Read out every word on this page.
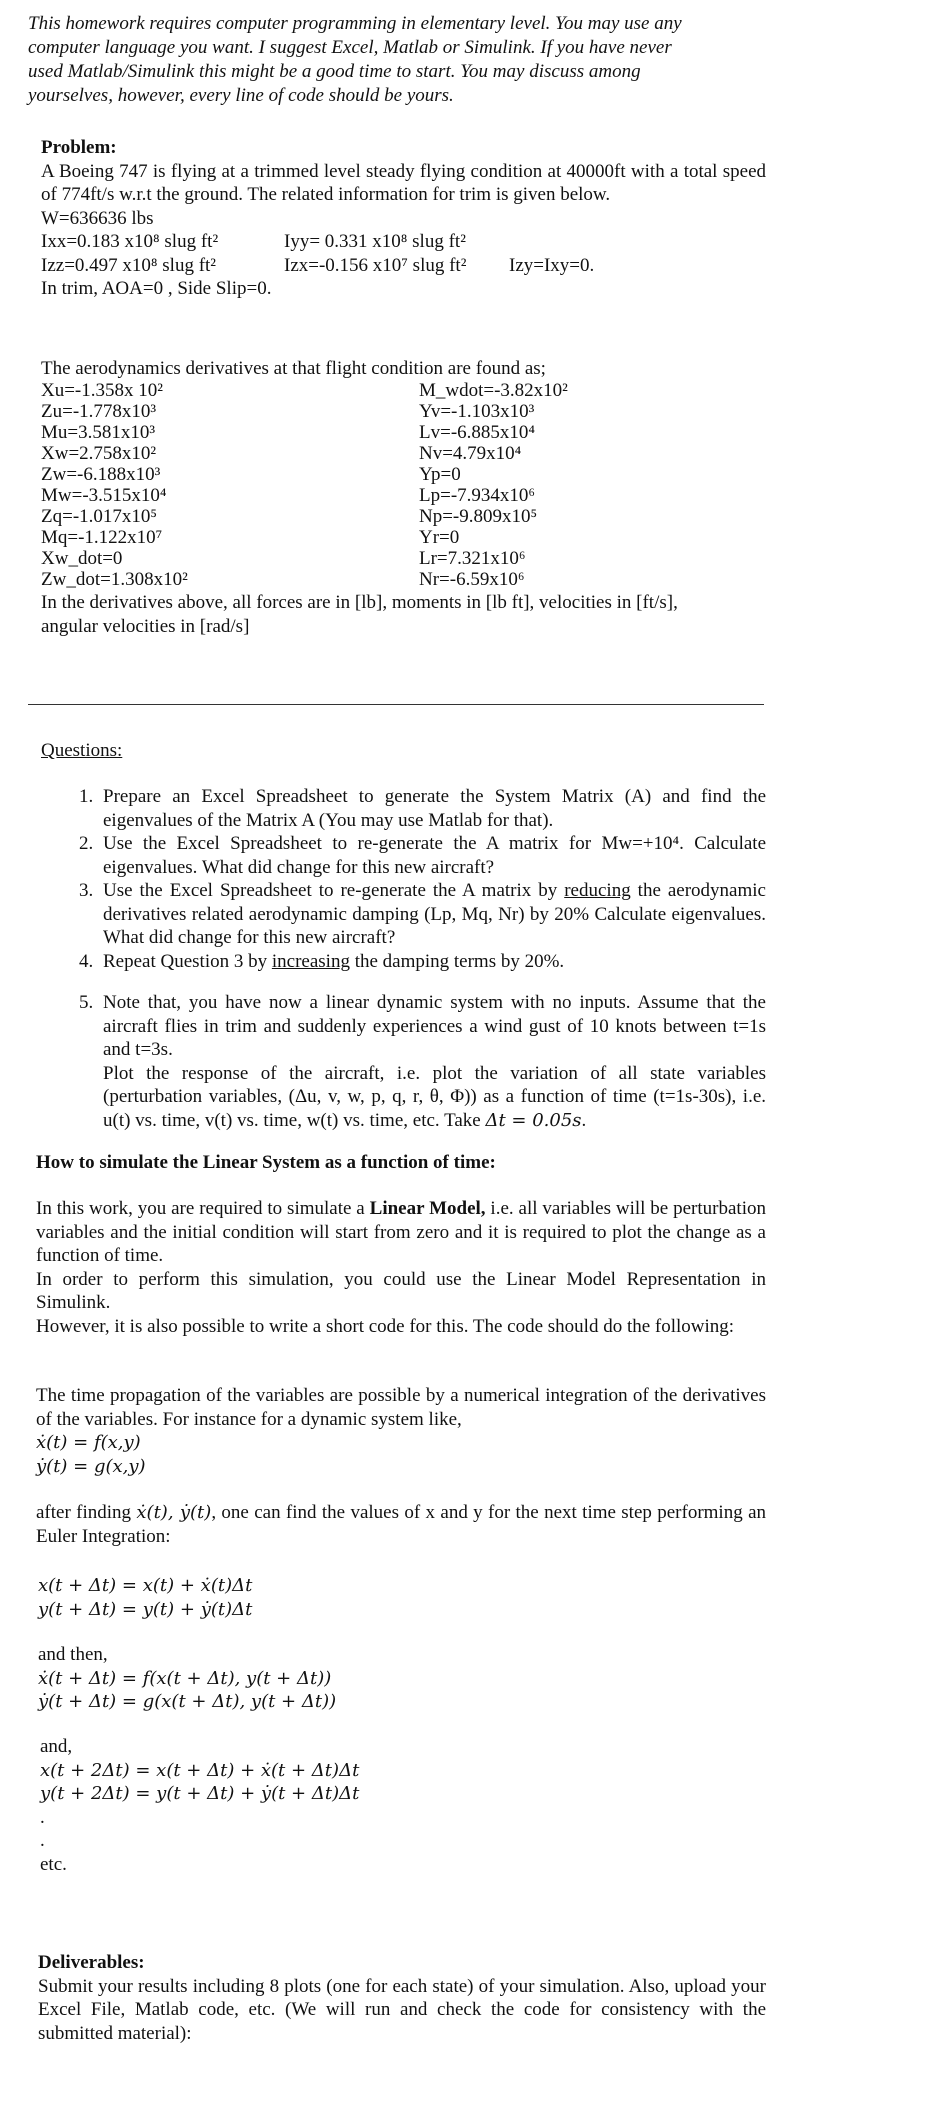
This homework requires computer programming in elementary level. You may use any
computer language you want. I suggest Excel, Matlab or Simulink. If you have never
used Matlab/Simulink this might be a good time to start. You may discuss among
yourselves, however, every line of code should be yours.
Problem:
A Boeing 747 is flying at a trimmed level steady flying condition at 40000ft with a total speed of 774ft/s w.r.t the ground. The related information for trim is given below.
W=636636 lbs
Ixx=0.183 x10⁸ slug ft²	Iyy= 0.331 x10⁸ slug ft²
Izz=0.497 x10⁸ slug ft²	Izx=-0.156 x10⁷ slug ft² Izy=Ixy=0.
In trim, AOA=0 , Side Slip=0.
The aerodynamics derivatives at that flight condition are found as;
Xu=-1.358x 10²	M_wdot=-3.82x10²
Zu=-1.778x10³	Yv=-1.103x10³
Mu=3.581x10³	Lv=-6.885x10⁴
Xw=2.758x10²	Nv=4.79x10⁴
Zw=-6.188x10³	Yp=0
Mw=-3.515x10⁴	Lp=-7.934x10⁶
Zq=-1.017x10⁵	Np=-9.809x10⁵
Mq=-1.122x10⁷	Yr=0
Xw_dot=0	Lr=7.321x10⁶
Zw_dot=1.308x10²	Nr=-6.59x10⁶
In the derivatives above, all forces are in [lb], moments in [lb ft], velocities in [ft/s],
angular velocities in [rad/s]
Questions:
1. Prepare an Excel Spreadsheet to generate the System Matrix (A) and find the eigenvalues of the Matrix A (You may use Matlab for that).
2. Use the Excel Spreadsheet to re-generate the A matrix for Mw=+10⁴. Calculate eigenvalues. What did change for this new aircraft?
3. Use the Excel Spreadsheet to re-generate the A matrix by reducing the aerodynamic derivatives related aerodynamic damping (Lp, Mq, Nr) by 20% Calculate eigenvalues. What did change for this new aircraft?
4. Repeat Question 3 by increasing the damping terms by 20%.
5. Note that, you have now a linear dynamic system with no inputs. Assume that the aircraft flies in trim and suddenly experiences a wind gust of 10 knots between t=1s and t=3s.
Plot the response of the aircraft, i.e. plot the variation of all state variables (perturbation variables, (Δu, v, w, p, q, r, θ, Φ)) as a function of time (t=1s-30s), i.e. u(t) vs. time, v(t) vs. time, w(t) vs. time, etc. Take Δt = 0.05s.
How to simulate the Linear System as a function of time:
In this work, you are required to simulate a Linear Model, i.e. all variables will be perturbation variables and the initial condition will start from zero and it is required to plot the change as a function of time.
In order to perform this simulation, you could use the Linear Model Representation in Simulink.
However, it is also possible to write a short code for this. The code should do the following:
The time propagation of the variables are possible by a numerical integration of the derivatives of the variables. For instance for a dynamic system like,
ẋ(t) = f(x,y)
ẏ(t) = g(x,y)
after finding ẋ(t), ẏ(t), one can find the values of x and y for the next time step performing an Euler Integration:
x(t + Δt) = x(t) + ẋ(t)Δt
y(t + Δt) = y(t) + ẏ(t)Δt
and then,
ẋ(t + Δt) = f(x(t + Δt), y(t + Δt))
ẏ(t + Δt) = g(x(t + Δt), y(t + Δt))
and,
x(t + 2Δt) = x(t + Δt) + ẋ(t + Δt)Δt
y(t + 2Δt) = y(t + Δt) + ẏ(t + Δt)Δt
.
.
etc.
Deliverables:
Submit your results including 8 plots (one for each state) of your simulation. Also, upload your Excel File, Matlab code, etc. (We will run and check the code for consistency with the submitted material):
